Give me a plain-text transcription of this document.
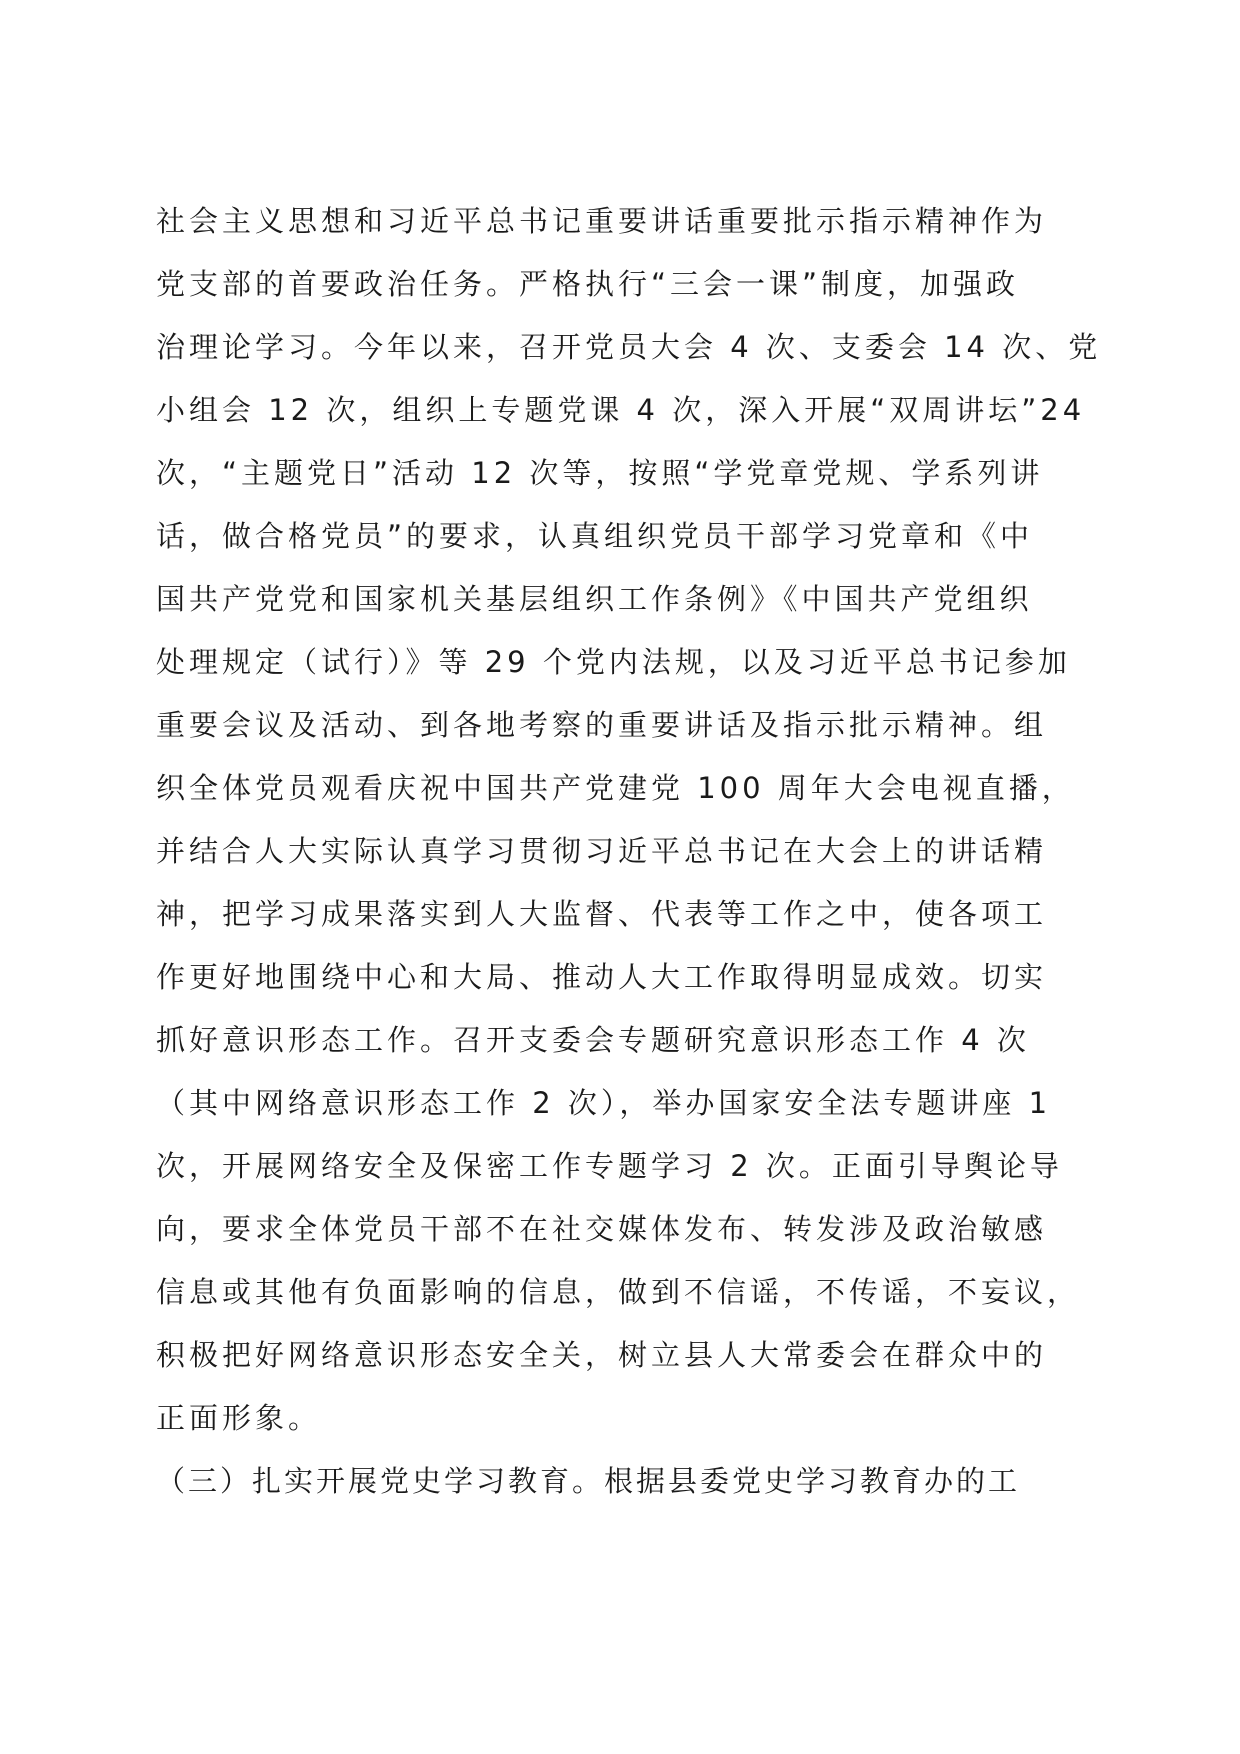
社会主义思想和习近平总书记重要讲话重要批示指示精神作为
党支部的首要政治任务。严格执行“三会一课”制度，加强政
治理论学习。今年以来，召开党员大会 4 次、支委会 14 次、党
小组会 12 次，组织上专题党课 4 次，深入开展“双周讲坛”24
次，“主题党日”活动 12 次等，按照“学党章党规、学系列讲
话，做合格党员”的要求，认真组织党员干部学习党章和《中
国共产党党和国家机关基层组织工作条例》《中国共产党组织
处理规定（试行）》等 29 个党内法规，以及习近平总书记参加
重要会议及活动、到各地考察的重要讲话及指示批示精神。组
织全体党员观看庆祝中国共产党建党 100 周年大会电视直播，
并结合人大实际认真学习贯彻习近平总书记在大会上的讲话精
神，把学习成果落实到人大监督、代表等工作之中，使各项工
作更好地围绕中心和大局、推动人大工作取得明显成效。切实
抓好意识形态工作。召开支委会专题研究意识形态工作 4 次
（其中网络意识形态工作 2 次），举办国家安全法专题讲座 1
次，开展网络安全及保密工作专题学习 2 次。正面引导舆论导
向，要求全体党员干部不在社交媒体发布、转发涉及政治敏感
信息或其他有负面影响的信息，做到不信谣，不传谣，不妄议，
积极把好网络意识形态安全关，树立县人大常委会在群众中的
正面形象。
（三）扎实开展党史学习教育。根据县委党史学习教育办的工
